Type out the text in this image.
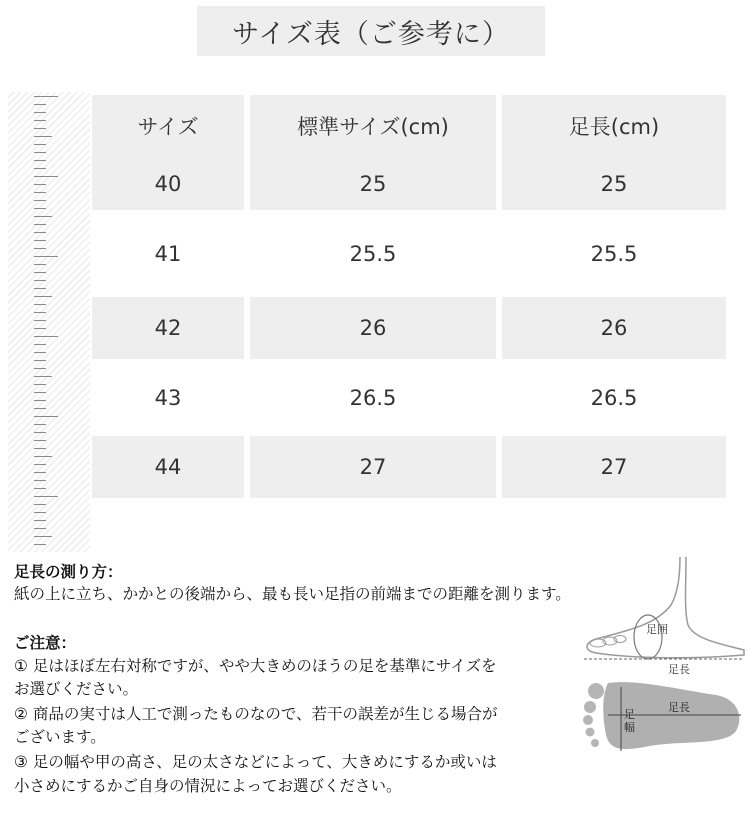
サイズ表（ご参考に）
サイズ	標準サイズ(cm)	足長(cm)
40	25	25
41	25.5	25.5
42	26	26
43	26.5	26.5
44	27	27
足長の測り方：
紙の上に立ち、かかとの後端から、最も長い足指の前端までの距離を測ります。
ご注意：
① 足はほぼ左右対称ですが、やや大きめのほうの足を基準にサイズを
お選びください。
② 商品の実寸は人工で測ったものなので、若干の誤差が生じる場合が
ございます。
③ 足の幅や甲の高さ、足の太さなどによって、大きめにするか或いは
小さめにするかご自身の情況によってお選びください。
足囲
足長
足
幅
足長
